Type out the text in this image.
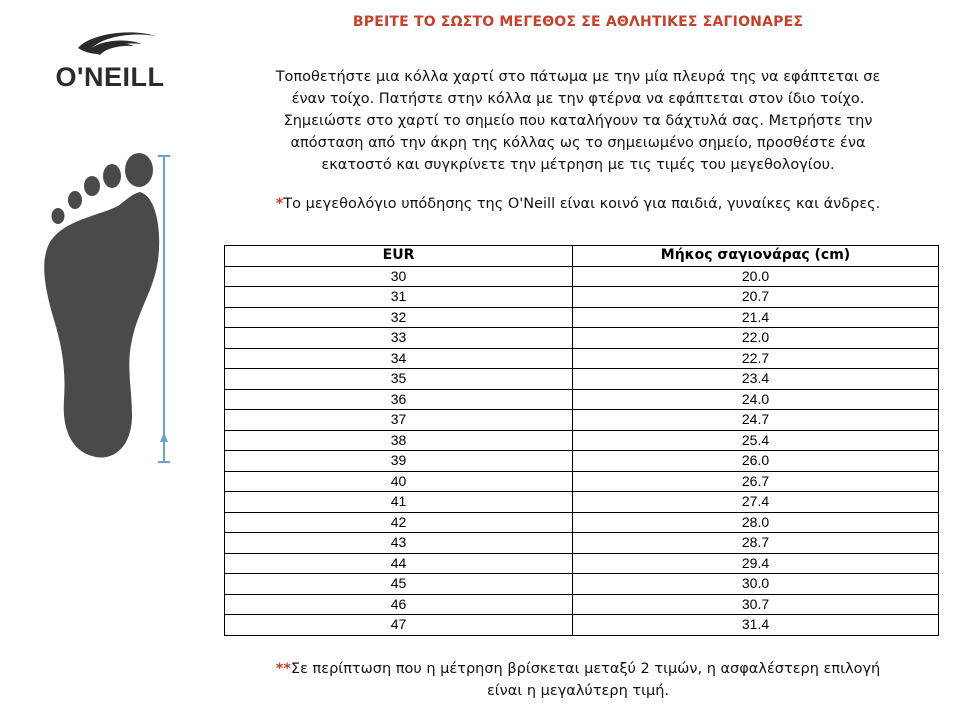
O'NEILL
ΒΡΕΙΤΕ ΤΟ ΣΩΣΤΟ ΜΕΓΕΘΟΣ ΣΕ ΑΘΛΗΤΙΚΕΣ ΣΑΓΙΟΝΑΡΕΣ
Τοποθετήστε μια κόλλα χαρτί στο πάτωμα με την μία πλευρά της να εφάπτεται σε
έναν τοίχο. Πατήστε στην κόλλα με την φτέρνα να εφάπτεται στον ίδιο τοίχο.
Σημειώστε στο χαρτί το σημείο που καταλήγουν τα δάχτυλά σας. Μετρήστε την
απόσταση από την άκρη της κόλλας ως το σημειωμένο σημείο, προσθέστε ένα
εκατοστό και συγκρίνετε την μέτρηση με τις τιμές του μεγεθολογίου.
*Το μεγεθολόγιο υπόδησης της O'Neill είναι κοινό για παιδιά, γυναίκες και άνδρες.
EUR	Μήκος σαγιονάρας (cm)
30	20.0
31	20.7
32	21.4
33	22.0
34	22.7
35	23.4
36	24.0
37	24.7
38	25.4
39	26.0
40	26.7
41	27.4
42	28.0
43	28.7
44	29.4
45	30.0
46	30.7
47	31.4
**Σε περίπτωση που η μέτρηση βρίσκεται μεταξύ 2 τιμών, η ασφαλέστερη επιλογή
είναι η μεγαλύτερη τιμή.
